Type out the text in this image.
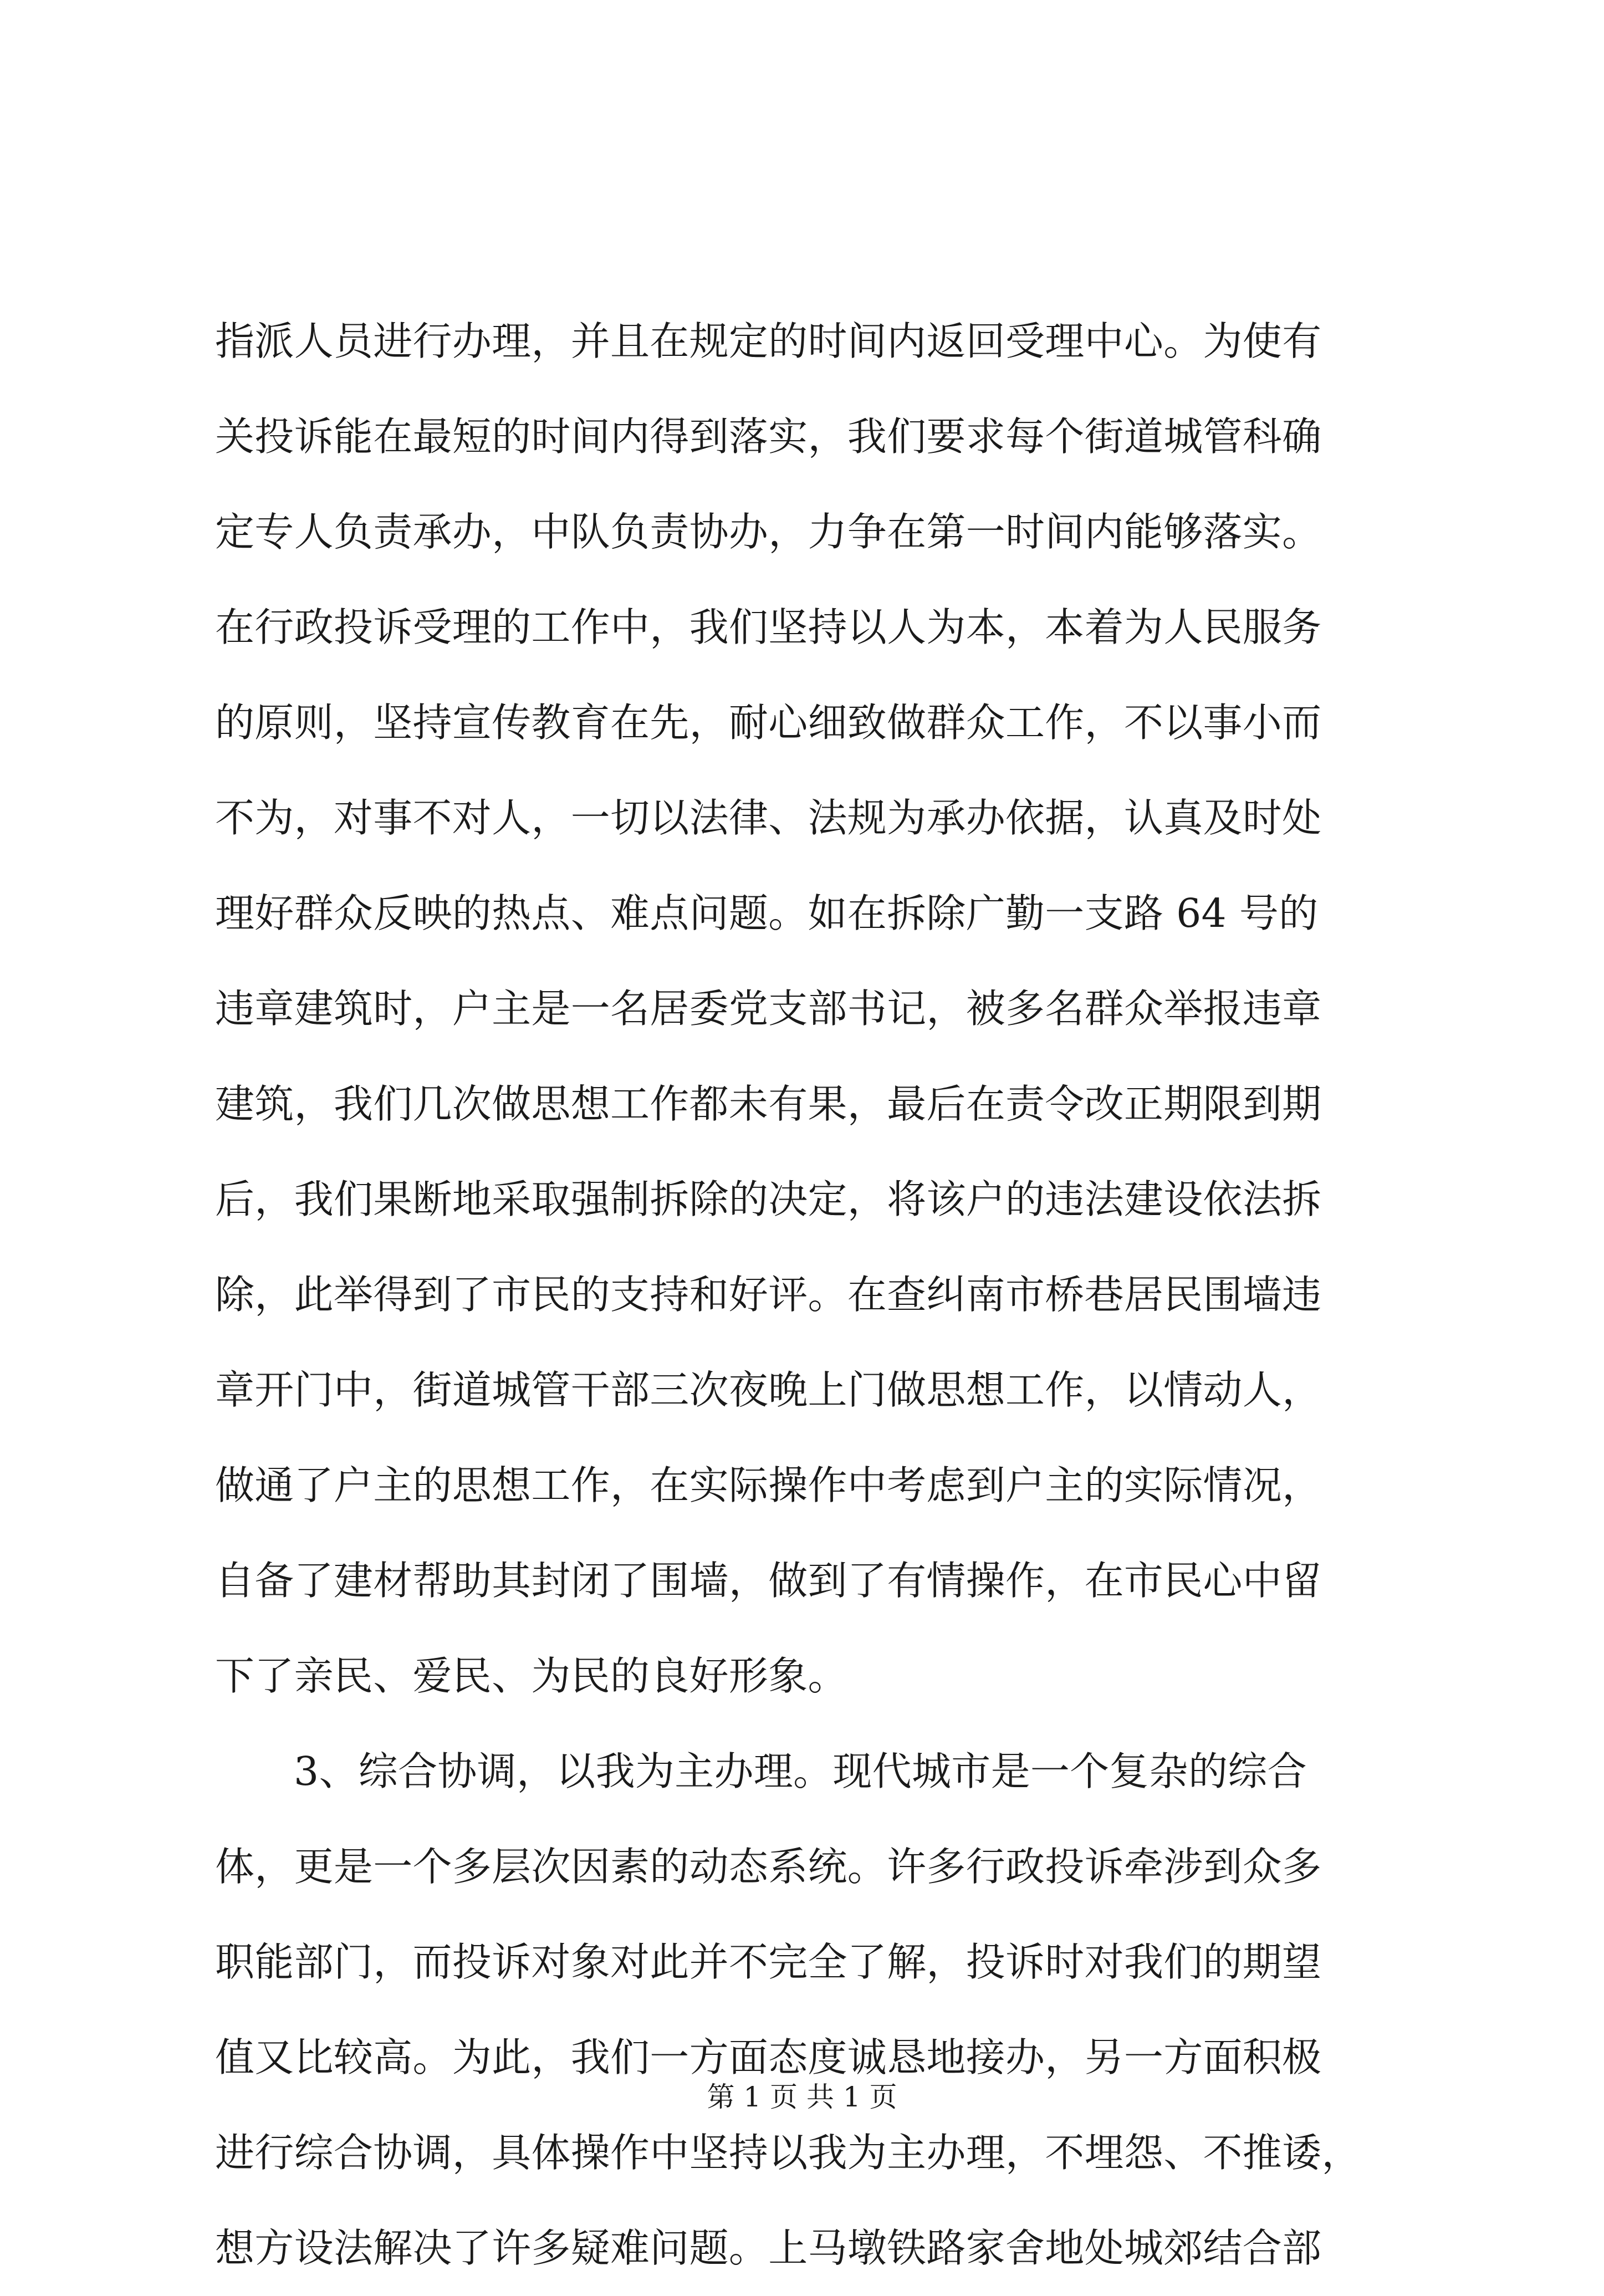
指派人员进行办理，并且在规定的时间内返回受理中心。为使有
关投诉能在最短的时间内得到落实，我们要求每个街道城管科确
定专人负责承办，中队负责协办，力争在第一时间内能够落实。
在行政投诉受理的工作中，我们坚持以人为本，本着为人民服务
的原则，坚持宣传教育在先，耐心细致做群众工作，不以事小而
不为，对事不对人，一切以法律、法规为承办依据，认真及时处
理好群众反映的热点、难点问题。如在拆除广勤一支路 64 号的
违章建筑时，户主是一名居委党支部书记，被多名群众举报违章
建筑，我们几次做思想工作都未有果，最后在责令改正期限到期
后，我们果断地采取强制拆除的决定，将该户的违法建设依法拆
除，此举得到了市民的支持和好评。在查纠南市桥巷居民围墙违
章开门中，街道城管干部三次夜晚上门做思想工作，以情动人，
做通了户主的思想工作，在实际操作中考虑到户主的实际情况，
自备了建材帮助其封闭了围墙，做到了有情操作，在市民心中留
下了亲民、爱民、为民的良好形象。
3、综合协调，以我为主办理。现代城市是一个复杂的综合
体，更是一个多层次因素的动态系统。许多行政投诉牵涉到众多
职能部门，而投诉对象对此并不完全了解，投诉时对我们的期望
值又比较高。为此，我们一方面态度诚恳地接办，另一方面积极
进行综合协调，具体操作中坚持以我为主办理，不埋怨、不推诿，
想方设法解决了许多疑难问题。上马墩铁路家舍地处城郊结合部
第 1 页 共 1 页
